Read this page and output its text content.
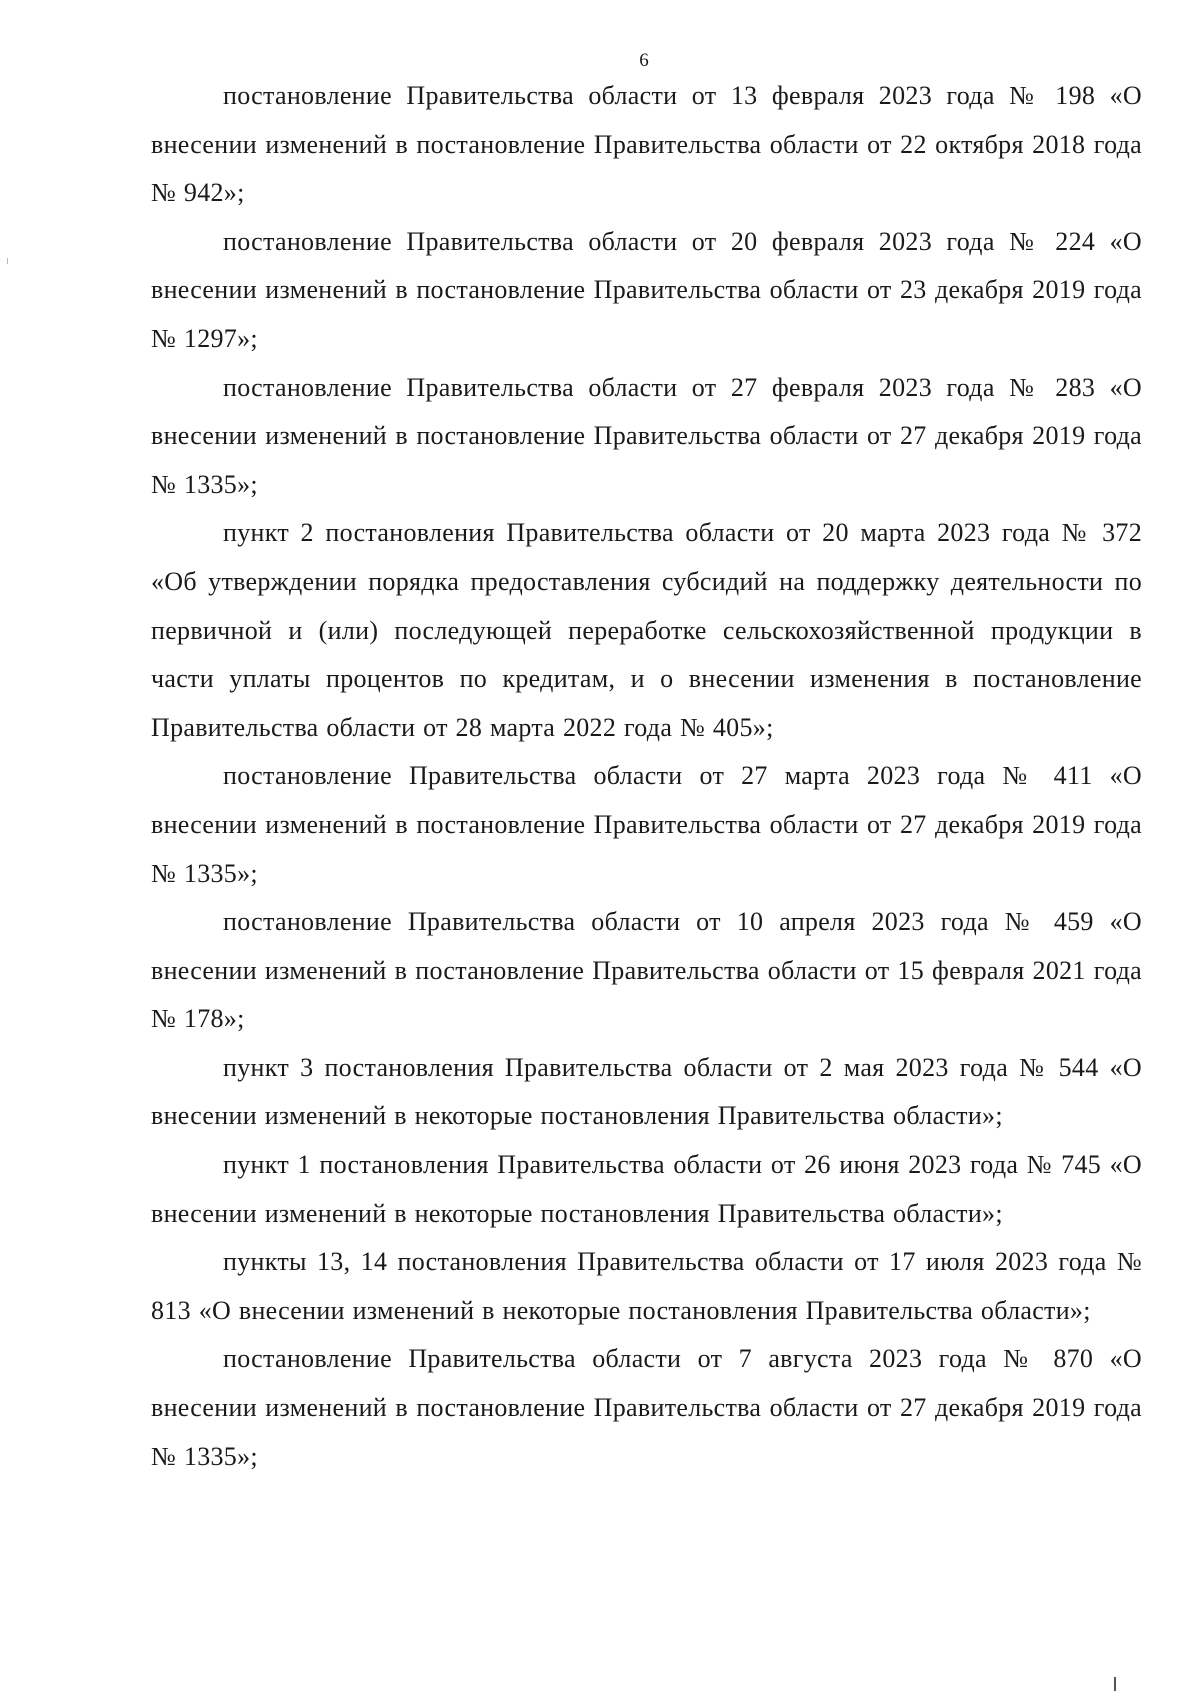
6

постановление Правительства области от 13 февраля 2023 года № 198 «О внесении изменений в постановление Правительства области от 22 октября 2018 года № 942»;

постановление Правительства области от 20 февраля 2023 года № 224 «О внесении изменений в постановление Правительства области от 23 декабря 2019 года № 1297»;

постановление Правительства области от 27 февраля 2023 года № 283 «О внесении изменений в постановление Правительства области от 27 декабря 2019 года № 1335»;

пункт 2 постановления Правительства области от 20 марта 2023 года № 372 «Об утверждении порядка предоставления субсидий на поддержку деятельности по первичной и (или) последующей переработке сельскохозяйственной продукции в части уплаты процентов по кредитам, и о внесении изменения в постановление Правительства области от 28 марта 2022 года № 405»;

постановление Правительства области от 27 марта 2023 года № 411 «О внесении изменений в постановление Правительства области от 27 декабря 2019 года № 1335»;

постановление Правительства области от 10 апреля 2023 года № 459 «О внесении изменений в постановление Правительства области от 15 февраля 2021 года № 178»;

пункт 3 постановления Правительства области от 2 мая 2023 года № 544 «О внесении изменений в некоторые постановления Правительства области»;

пункт 1 постановления Правительства области от 26 июня 2023 года № 745 «О внесении изменений в некоторые постановления Правительства области»;

пункты 13, 14 постановления Правительства области от 17 июля 2023 года № 813 «О внесении изменений в некоторые постановления Правительства области»;

постановление Правительства области от 7 августа 2023 года № 870 «О внесении изменений в постановление Правительства области от 27 декабря 2019 года № 1335»;
